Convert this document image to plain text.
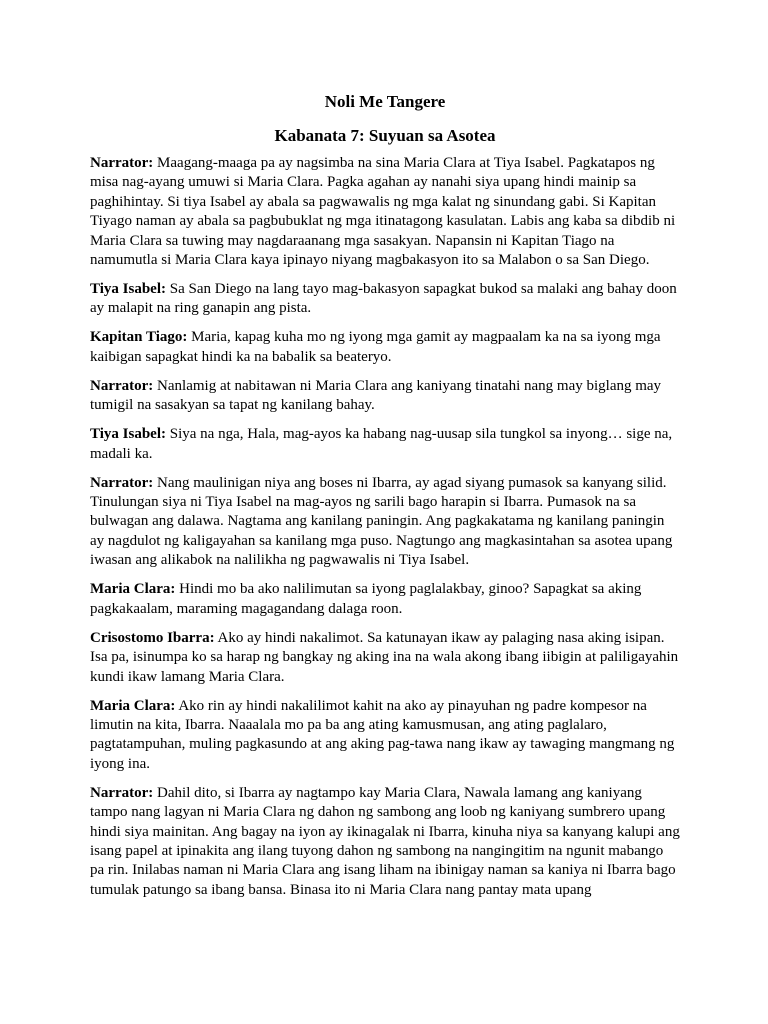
Noli Me Tangere
Kabanata 7: Suyuan sa Asotea

Narrator: Maagang-maaga pa ay nagsimba na sina Maria Clara at Tiya Isabel. Pagkatapos ng misa nag-ayang umuwi si Maria Clara. Pagka agahan ay nanahi siya upang hindi mainip sa paghihintay. Si tiya Isabel ay abala sa pagwawalis ng mga kalat ng sinundang gabi. Si Kapitan Tiyago naman ay abala sa pagbubuklat ng mga itinatagong kasulatan. Labis ang kaba sa dibdib ni Maria Clara sa tuwing may nagdaraanang mga sasakyan. Napansin ni Kapitan Tiago na namumutla si Maria Clara kaya ipinayo niyang magbakasyon ito sa Malabon o sa San Diego.

Tiya Isabel: Sa San Diego na lang tayo mag-bakasyon sapagkat bukod sa malaki ang bahay doon ay malapit na ring ganapin ang pista.

Kapitan Tiago: Maria, kapag kuha mo ng iyong mga gamit ay magpaalam ka na sa iyong mga kaibigan sapagkat hindi ka na babalik sa beateryo.

Narrator: Nanlamig at nabitawan ni Maria Clara ang kaniyang tinatahi nang may biglang may tumigil na sasakyan sa tapat ng kanilang bahay.

Tiya Isabel: Siya na nga, Hala, mag-ayos ka habang nag-uusap sila tungkol sa inyong… sige na, madali ka.

Narrator: Nang maulinigan niya ang boses ni Ibarra, ay agad siyang pumasok sa kanyang silid. Tinulungan siya ni Tiya Isabel na mag-ayos ng sarili bago harapin si Ibarra. Pumasok na sa bulwagan ang dalawa. Nagtama ang kanilang paningin. Ang pagkakatama ng kanilang paningin ay nagdulot ng kaligayahan sa kanilang mga puso. Nagtungo ang magkasintahan sa asotea upang iwasan ang alikabok na nalilikha ng pagwawalis ni Tiya Isabel.

Maria Clara: Hindi mo ba ako nalilimutan sa iyong paglalakbay, ginoo? Sapagkat sa aking pagkakaalam, maraming magagandang dalaga roon.

Crisostomo Ibarra: Ako ay hindi nakalimot. Sa katunayan ikaw ay palaging nasa aking isipan. Isa pa, isinumpa ko sa harap ng bangkay ng aking ina na wala akong ibang iibigin at paliligayahin kundi ikaw lamang Maria Clara.

Maria Clara: Ako rin ay hindi nakalilimot kahit na ako ay pinayuhan ng padre kompesor na limutin na kita, Ibarra. Naaalala mo pa ba ang ating kamusmusan, ang ating paglalaro, pagtatampuhan, muling pagkasundo at ang aking pag-tawa nang ikaw ay tawaging mangmang ng iyong ina.

Narrator: Dahil dito, si Ibarra ay nagtampo kay Maria Clara, Nawala lamang ang kaniyang tampo nang lagyan ni Maria Clara ng dahon ng sambong ang loob ng kaniyang sumbrero upang hindi siya mainitan. Ang bagay na iyon ay ikinagalak ni Ibarra, kinuha niya sa kanyang kalupi ang isang papel at ipinakita ang ilang tuyong dahon ng sambong na nangingitim na ngunit mabango pa rin. Inilabas naman ni Maria Clara ang isang liham na ibinigay naman sa kaniya ni Ibarra bago tumulak patungo sa ibang bansa. Binasa ito ni Maria Clara nang pantay mata upang
